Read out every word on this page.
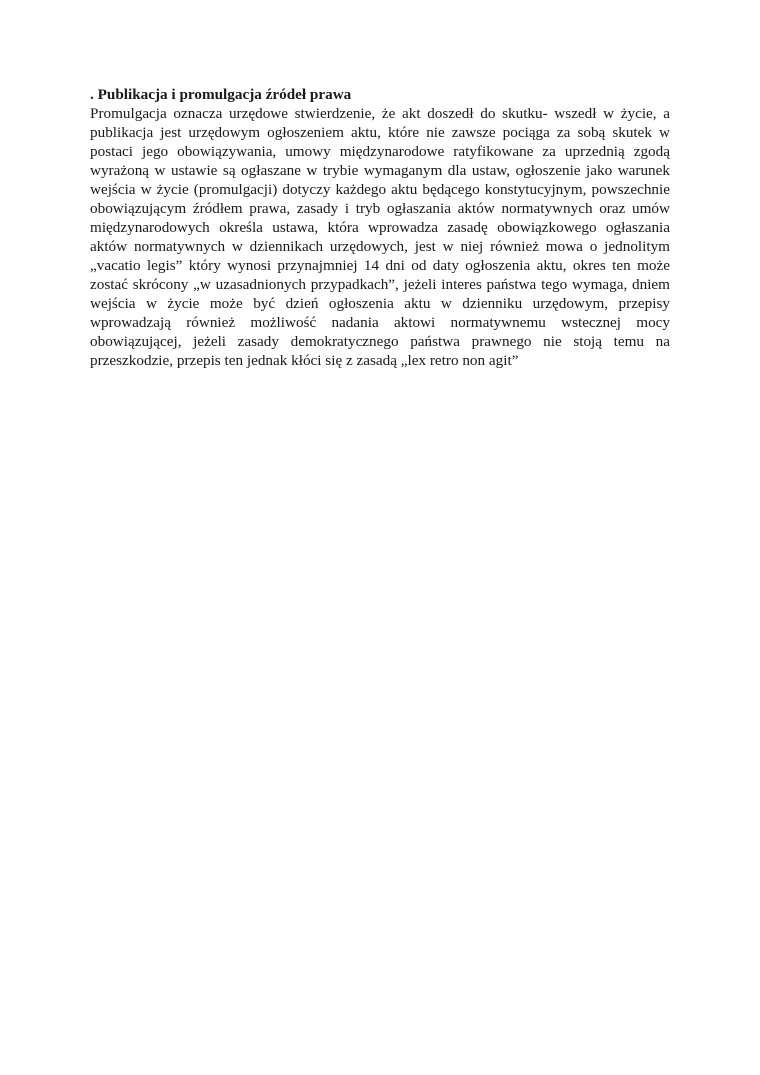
. Publikacja i promulgacja źródeł prawa

Promulgacja oznacza urzędowe stwierdzenie, że akt doszedł do skutku- wszedł w życie, a publikacja jest urzędowym ogłoszeniem aktu, które nie zawsze pociąga za sobą skutek w postaci jego obowiązywania, umowy międzynarodowe ratyfikowane za uprzednią zgodą wyrażoną w ustawie są ogłaszane w trybie wymaganym dla ustaw, ogłoszenie jako warunek wejścia w życie (promulgacji) dotyczy każdego aktu będącego konstytucyjnym, powszechnie obowiązującym źródłem prawa, zasady i tryb ogłaszania aktów normatywnych oraz umów międzynarodowych określa ustawa, która wprowadza zasadę obowiązkowego ogłaszania aktów normatywnych w dziennikach urzędowych, jest w niej również mowa o jednolitym „vacatio legis” który wynosi przynajmniej 14 dni od daty ogłoszenia aktu, okres ten może zostać skrócony „w uzasadnionych przypadkach”, jeżeli interes państwa tego wymaga, dniem wejścia w życie może być dzień ogłoszenia aktu w dzienniku urzędowym, przepisy wprowadzają również możliwość nadania aktowi normatywnemu wstecznej mocy obowiązującej, jeżeli zasady demokratycznego państwa prawnego nie stoją temu na przeszkodzie, przepis ten jednak kłóci się z zasadą „lex retro non agit”
